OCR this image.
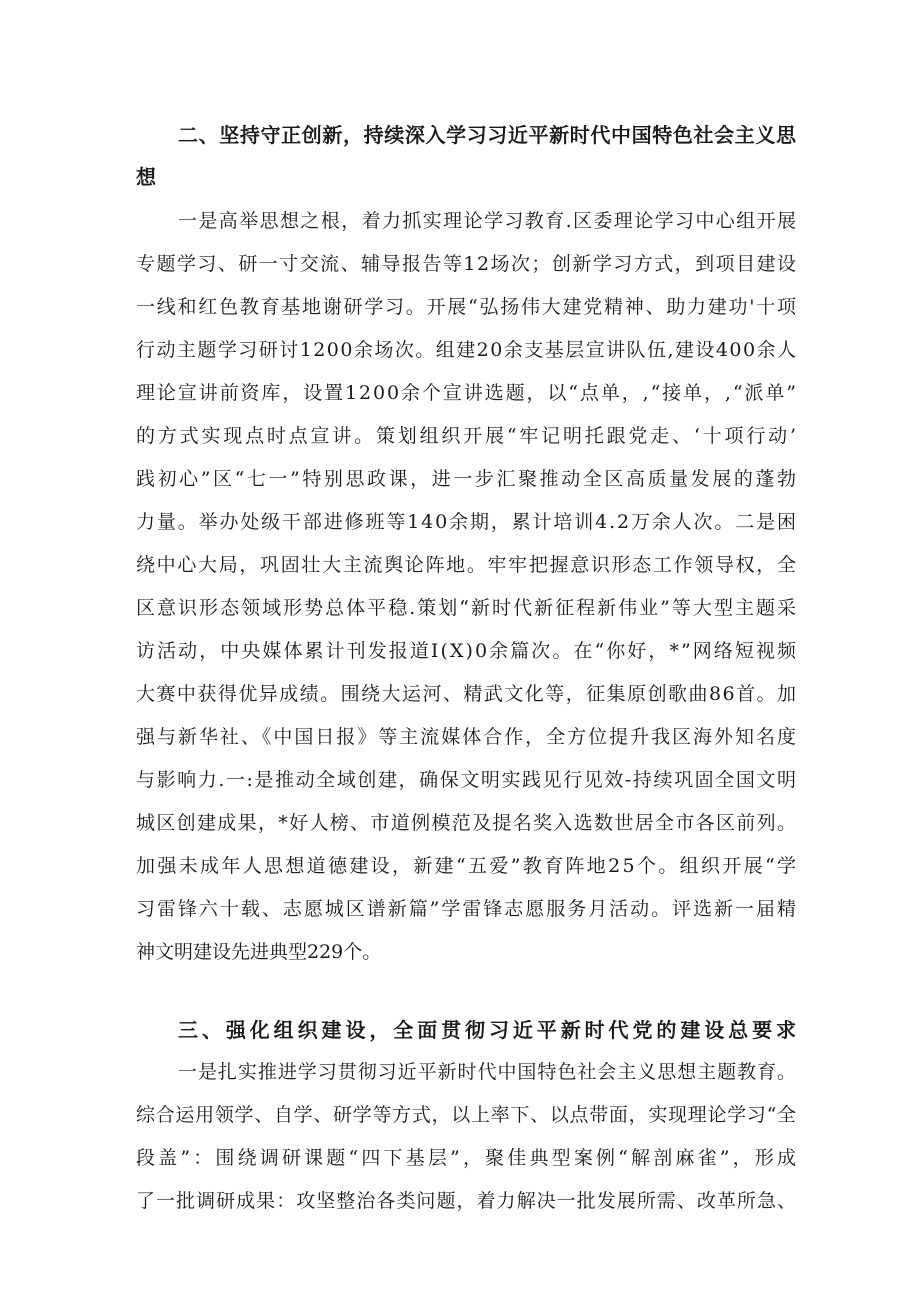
二、坚持守正创新，持续深入学习习近平新时代中国特色社会主义思
想
一是高举思想之根，着力抓实理论学习教育.区委理论学习中心组开展
专题学习、研一寸交流、辅导报告等12场次；创新学习方式，到项目建设
一线和红色教育基地谢研学习。开展“弘扬伟大建党精神、助力建功'十项
行动主题学习研讨1200余场次。组建20余支基层宣讲队伍,建设400余人
理论宣讲前资库，设置1200余个宣讲选题，以“点单，,“接单，,“派单”
的方式实现点时点宣讲。策划组织开展“牢记明托跟党走、‘十项行动’
践初心”区“七一”特别思政课，进一步汇聚推动全区高质量发展的蓬勃
力量。举办处级干部进修班等140余期，累计培训4.2万余人次。二是困
绕中心大局，巩固壮大主流舆论阵地。牢牢把握意识形态工作领导权，全
区意识形态领域形势总体平稳.策划“新时代新征程新伟业”等大型主题采
访活动，中央媒体累计刊发报道I(X)0余篇次。在“你好，*”网络短视频
大赛中获得优异成绩。围绕大运河、精武文化等，征集原创歌曲86首。加
强与新华社、《中国日报》等主流媒体合作，全方位提升我区海外知名度
与影响力.一:是推动全域创建，确保文明实践见行见效-持续巩固全国文明
城区创建成果，*好人榜、市道例模范及提名奖入选数世居全市各区前列。
加强未成年人思想道德建设，新建“五爱”教育阵地25个。组织开展“学
习雷锋六十载、志愿城区谱新篇”学雷锋志愿服务月活动。评选新一届精
神文明建设先进典型229个。
三、强化组织建设，全面贯彻习近平新时代党的建设总要求
一是扎实推进学习贯彻习近平新时代中国特色社会主义思想主题教育。
综合运用领学、自学、研学等方式，以上率下、以点带面，实现理论学习“全
段盖”：围绕调研课题“四下基层”，聚佳典型案例“解剖麻雀”，形成
了一批调研成果：攻坚整治各类问题，着力解决一批发展所需、改革所急、
